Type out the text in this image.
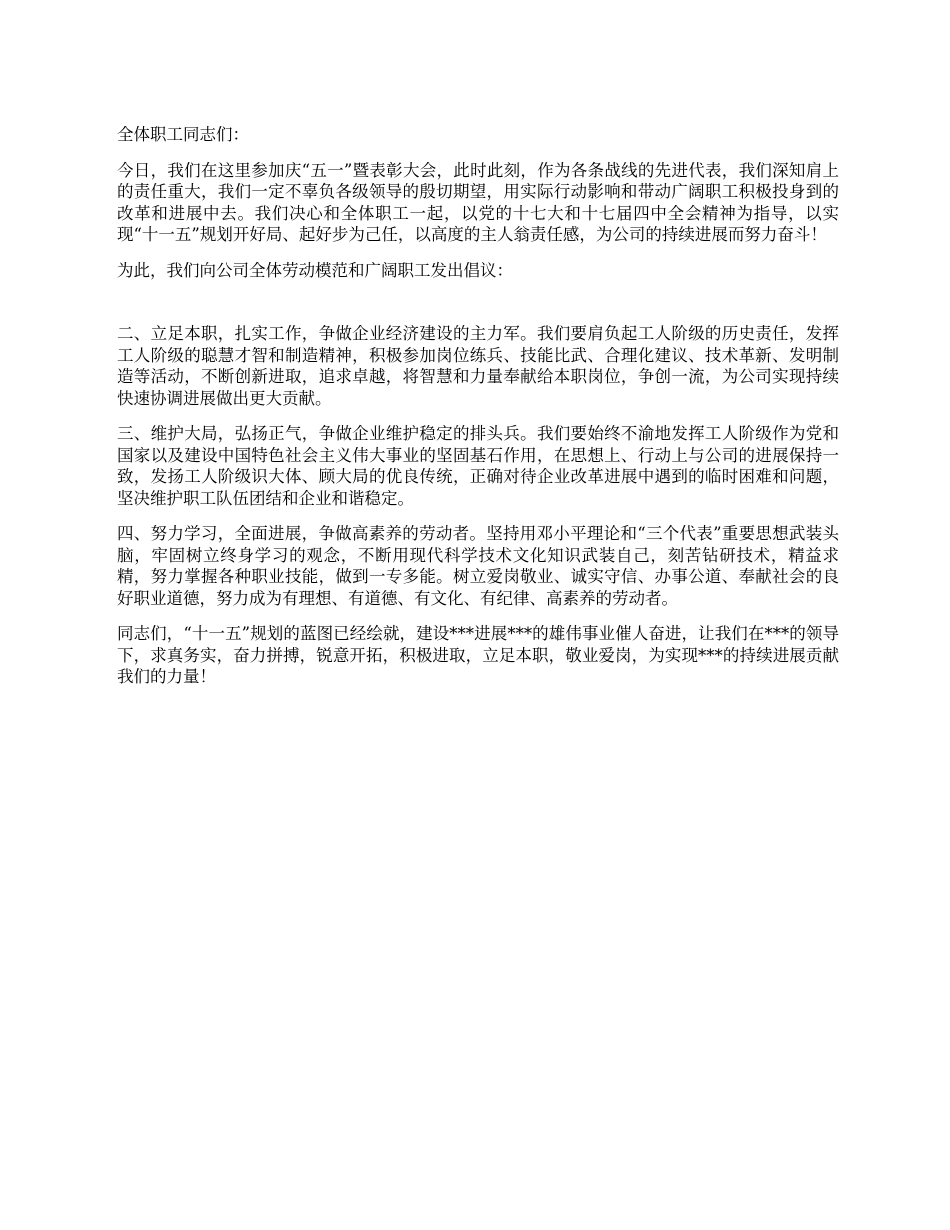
全体职工同志们：

今日，我们在这里参加庆“五一”暨表彰大会，此时此刻，作为各条战线的先进代表，我们深知肩上的责任重大，我们一定不辜负各级领导的殷切期望，用实际行动影响和带动广阔职工积极投身到的改革和进展中去。我们决心和全体职工一起，以党的十七大和十七届四中全会精神为指导，以实现“十一五”规划开好局、起好步为己任，以高度的主人翁责任感，为公司的持续进展而努力奋斗！

为此，我们向公司全体劳动模范和广阔职工发出倡议：

二、立足本职，扎实工作，争做企业经济建设的主力军。我们要肩负起工人阶级的历史责任，发挥工人阶级的聪慧才智和制造精神，积极参加岗位练兵、技能比武、合理化建议、技术革新、发明制造等活动，不断创新进取，追求卓越，将智慧和力量奉献给本职岗位，争创一流，为公司实现持续快速协调进展做出更大贡献。

三、维护大局，弘扬正气，争做企业维护稳定的排头兵。我们要始终不渝地发挥工人阶级作为党和国家以及建设中国特色社会主义伟大事业的坚固基石作用，在思想上、行动上与公司的进展保持一致，发扬工人阶级识大体、顾大局的优良传统，正确对待企业改革进展中遇到的临时困难和问题，坚决维护职工队伍团结和企业和谐稳定。

四、努力学习，全面进展，争做高素养的劳动者。坚持用邓小平理论和“三个代表”重要思想武装头脑，牢固树立终身学习的观念，不断用现代科学技术文化知识武装自己，刻苦钻研技术，精益求精，努力掌握各种职业技能，做到一专多能。树立爱岗敬业、诚实守信、办事公道、奉献社会的良好职业道德，努力成为有理想、有道德、有文化、有纪律、高素养的劳动者。

同志们，“十一五”规划的蓝图已经绘就，建设***进展***的雄伟事业催人奋进，让我们在***的领导下，求真务实，奋力拼搏，锐意开拓，积极进取，立足本职，敬业爱岗，为实现***的持续进展贡献我们的力量！
